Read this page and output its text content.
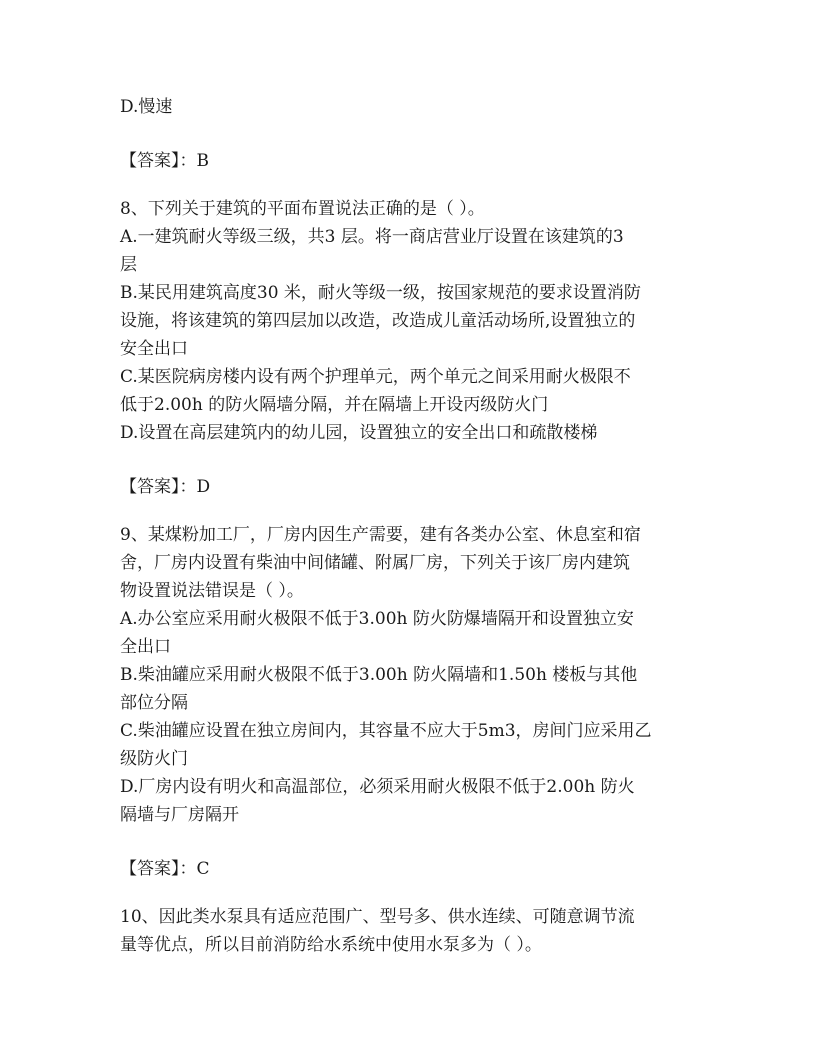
D.慢速

【答案】：B

8、下列关于建筑的平面布置说法正确的是（ ）。

A.一建筑耐火等级三级，共3 层。将一商店营业厅设置在该建筑的3

层

B.某民用建筑高度30 米，耐火等级一级，按国家规范的要求设置消防

设施，将该建筑的第四层加以改造，改造成儿童活动场所,设置独立的

安全出口

C.某医院病房楼内设有两个护理单元，两个单元之间采用耐火极限不

低于2.00h 的防火隔墙分隔，并在隔墙上开设丙级防火门

D.设置在高层建筑内的幼儿园，设置独立的安全出口和疏散楼梯

【答案】：D

9、某煤粉加工厂，厂房内因生产需要，建有各类办公室、休息室和宿

舍，厂房内设置有柴油中间储罐、附属厂房，下列关于该厂房内建筑

物设置说法错误是（ ）。

A.办公室应采用耐火极限不低于3.00h 防火防爆墙隔开和设置独立安

全出口

B.柴油罐应采用耐火极限不低于3.00h 防火隔墙和1.50h 楼板与其他

部位分隔

C.柴油罐应设置在独立房间内，其容量不应大于5m3，房间门应采用乙

级防火门

D.厂房内设有明火和高温部位，必须采用耐火极限不低于2.00h 防火

隔墙与厂房隔开

【答案】：C

10、因此类水泵具有适应范围广、型号多、供水连续、可随意调节流

量等优点，所以目前消防给水系统中使用水泵多为（ ）。
